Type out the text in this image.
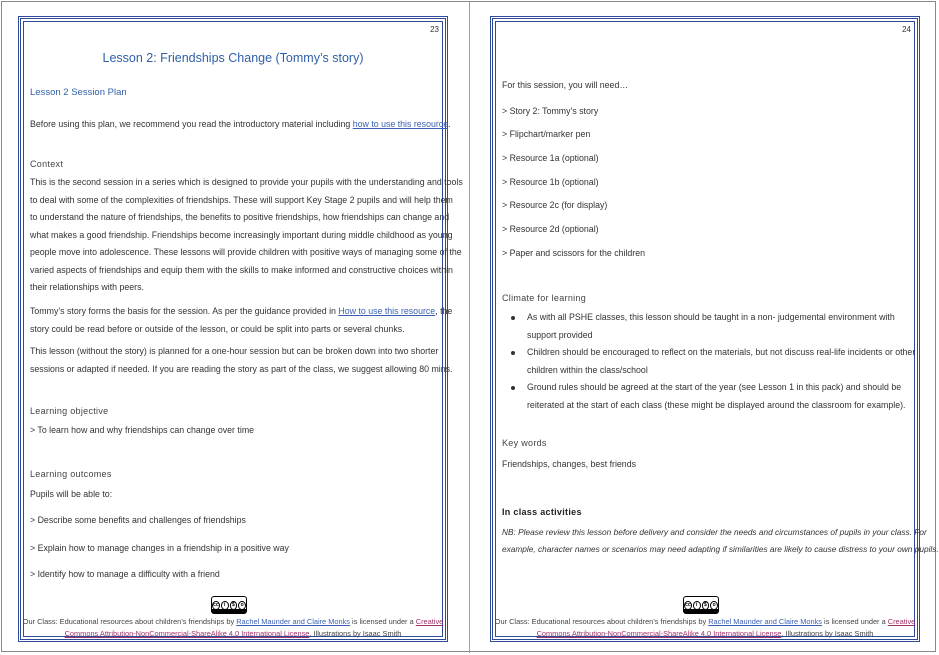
23
Lesson 2: Friendships Change (Tommy’s story)
Lesson 2 Session Plan
Before using this plan, we recommend you read the introductory material including how to use this resource.
Context
This is the second session in a series which is designed to provide your pupils with the understanding and tools
to deal with some of the complexities of friendships. These will support Key Stage 2 pupils and will help them
to understand the nature of friendships, the benefits to positive friendships, how friendships can change and
what makes a good friendship. Friendships become increasingly important during middle childhood as young
people move into adolescence. These lessons will provide children with positive ways of managing some of the
varied aspects of friendships and equip them with the skills to make informed and constructive choices within
their relationships with peers.
Tommy’s story forms the basis for the session. As per the guidance provided in How to use this resource, the
story could be read before or outside of the lesson, or could be split into parts or several chunks.
This lesson (without the story) is planned for a one-hour session but can be broken down into two shorter
sessions or adapted if needed. If you are reading the story as part of the class, we suggest allowing 80 mins.
Learning objective
> To learn how and why friendships can change over time
Learning outcomes
Pupils will be able to:
> Describe some benefits and challenges of friendships
> Explain how to manage changes in a friendship in a positive way
> Identify how to manage a difficulty with a friend
cc	i	$	o
Our Class: Educational resources about children’s friendships by Rachel Maunder and Claire Monks is licensed under a Creative
Commons Attribution-NonCommercial-ShareAlike 4.0 International License, Illustrations by Isaac Smith
24
For this session, you will need…
> Story 2: Tommy’s story
> Flipchart/marker pen
> Resource 1a (optional)
> Resource 1b (optional)
> Resource 2c (for display)
> Resource 2d (optional)
> Paper and scissors for the children
Climate for learning
As with all PSHE classes, this lesson should be taught in a non- judgemental environment with
support provided
Children should be encouraged to reflect on the materials, but not discuss real-life incidents or other
children within the class/school
Ground rules should be agreed at the start of the year (see Lesson 1 in this pack) and should be
reiterated at the start of each class (these might be displayed around the classroom for example).
Key words
Friendships, changes, best friends
In class activities
NB: Please review this lesson before delivery and consider the needs and circumstances of pupils in your class. For
example, character names or scenarios may need adapting if similarities are likely to cause distress to your own pupils.
cc	i	$	o
Our Class: Educational resources about children’s friendships by Rachel Maunder and Claire Monks is licensed under a Creative
Commons Attribution-NonCommercial-ShareAlike 4.0 International License, Illustrations by Isaac Smith
